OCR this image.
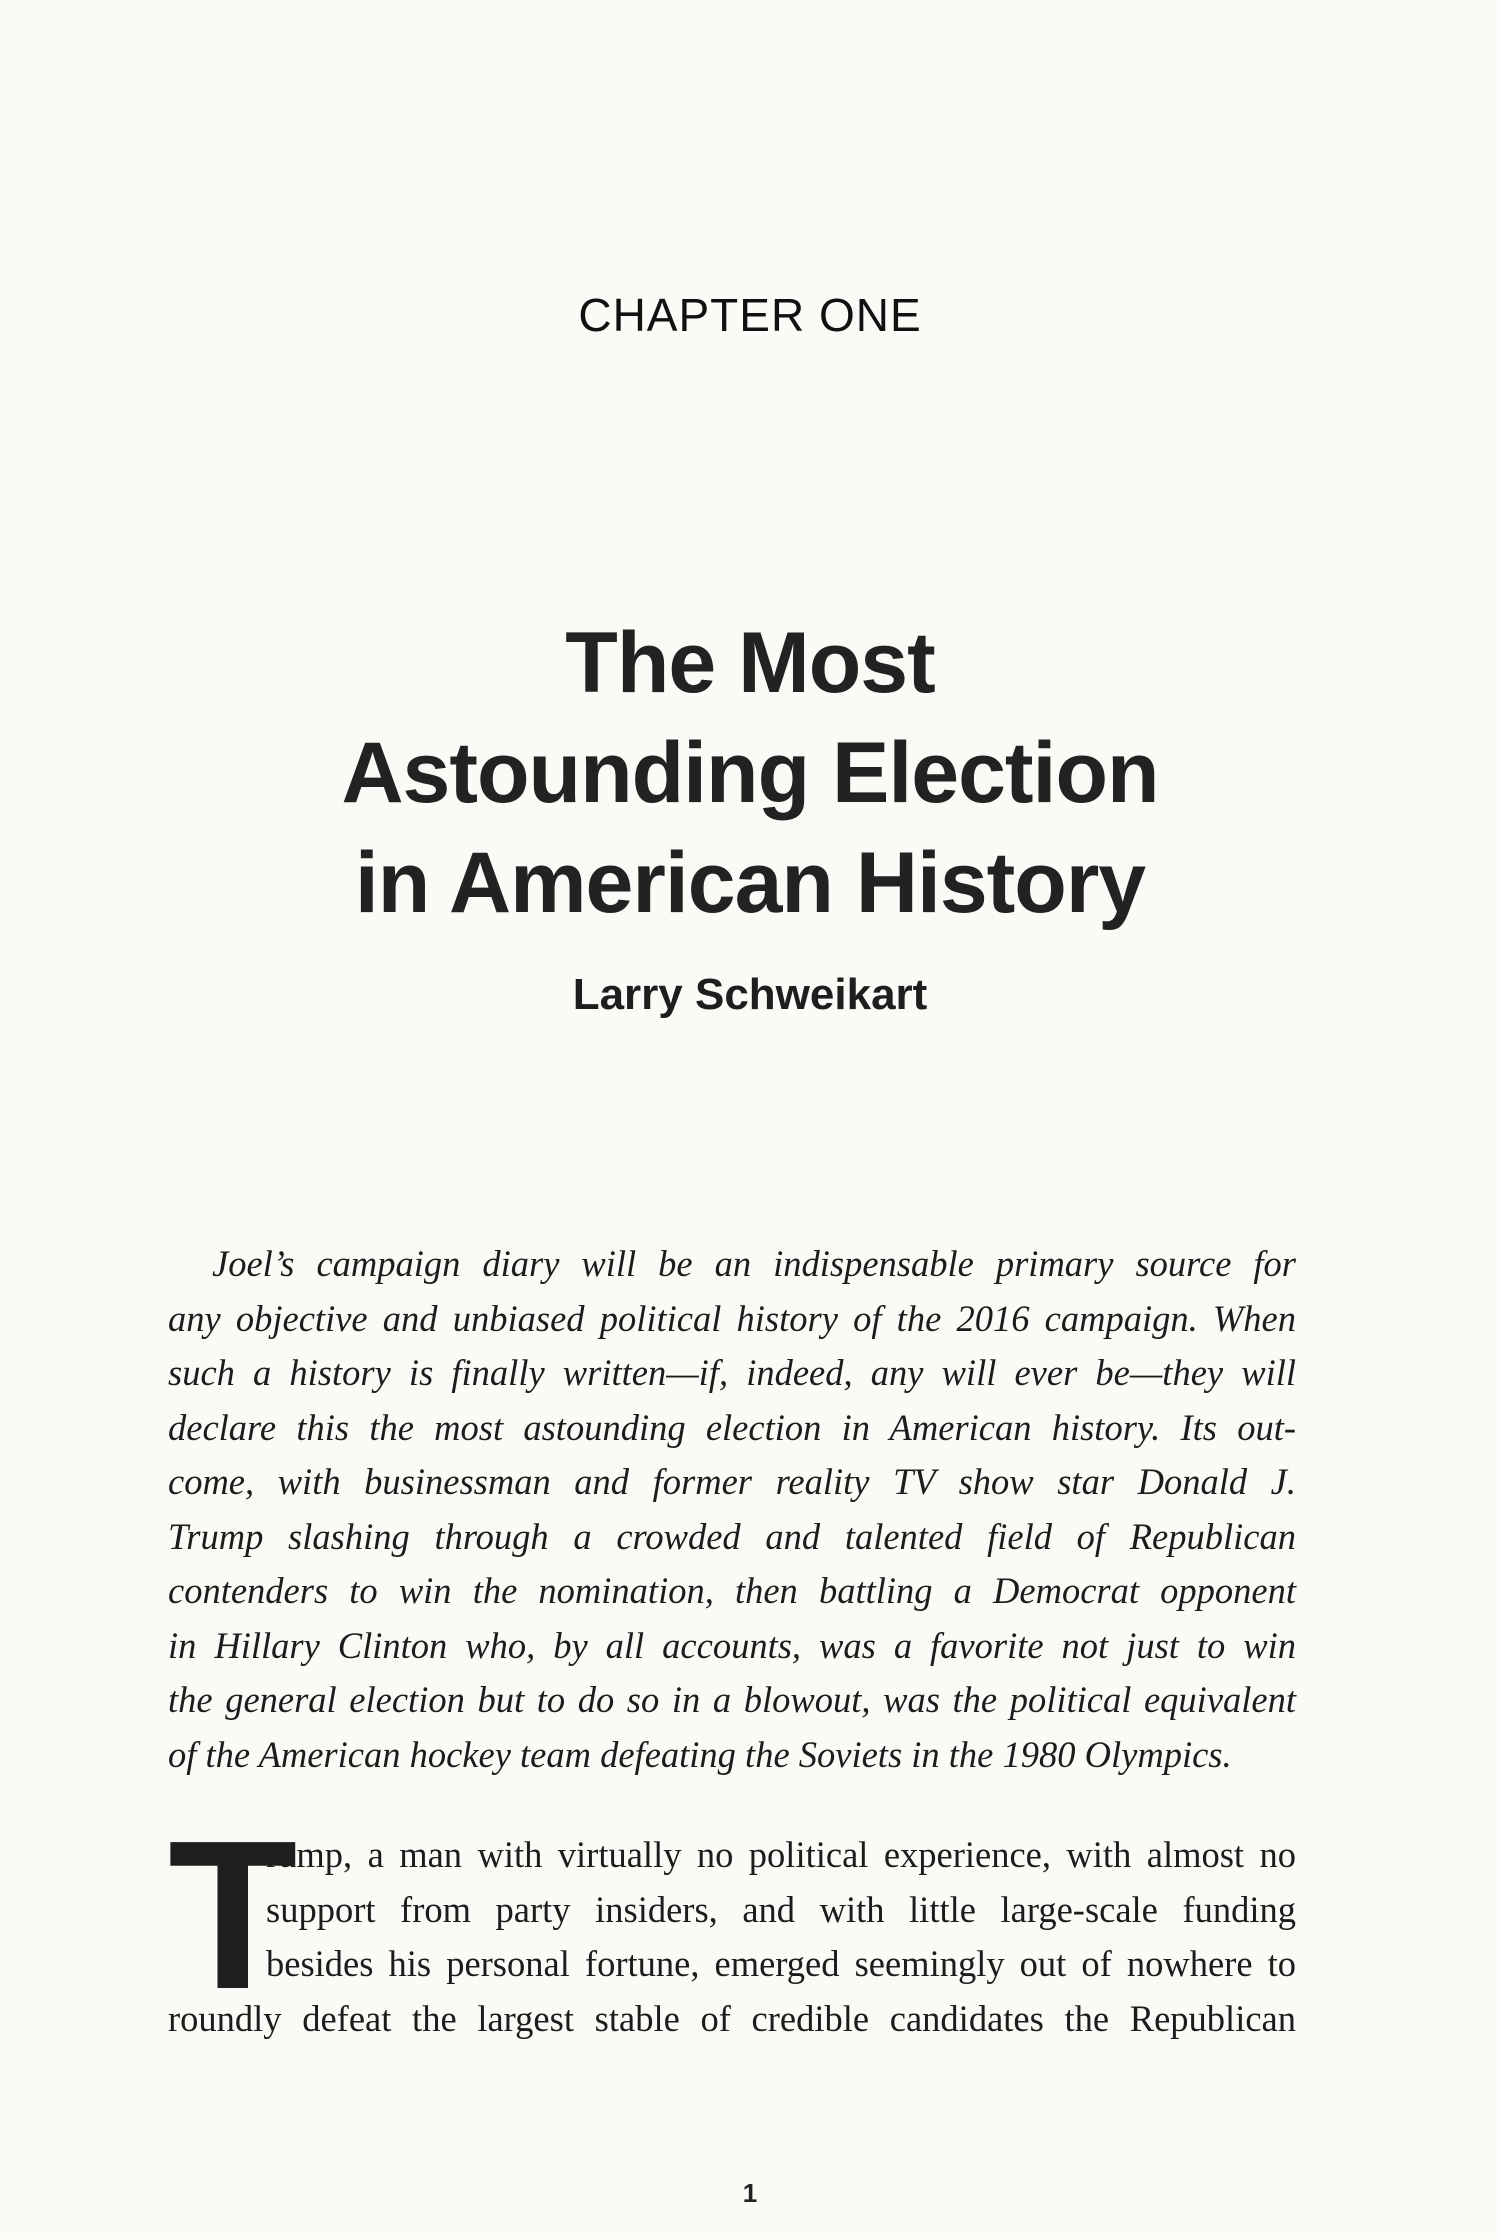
CHAPTER ONE
The Most
Astounding Election
in American History
Larry Schweikart
Joel’s campaign diary will be an indispensable primary source for
any objective and unbiased political history of the 2016 campaign. When
such a history is finally written—if, indeed, any will ever be—they will
declare this the most astounding election in American history. Its out-
come, with businessman and former reality TV show star Donald J.
Trump slashing through a crowded and talented field of Republican
contenders to win the nomination, then battling a Democrat opponent
in Hillary Clinton who, by all accounts, was a favorite not just to win
the general election but to do so in a blowout, was the political equivalent
of the American hockey team defeating the Soviets in the 1980 Olympics.
T
rump, a man with virtually no political experience, with almost no
support from party insiders, and with little large-scale funding
besides his personal fortune, emerged seemingly out of nowhere to
roundly defeat the largest stable of credible candidates the Republican
1
